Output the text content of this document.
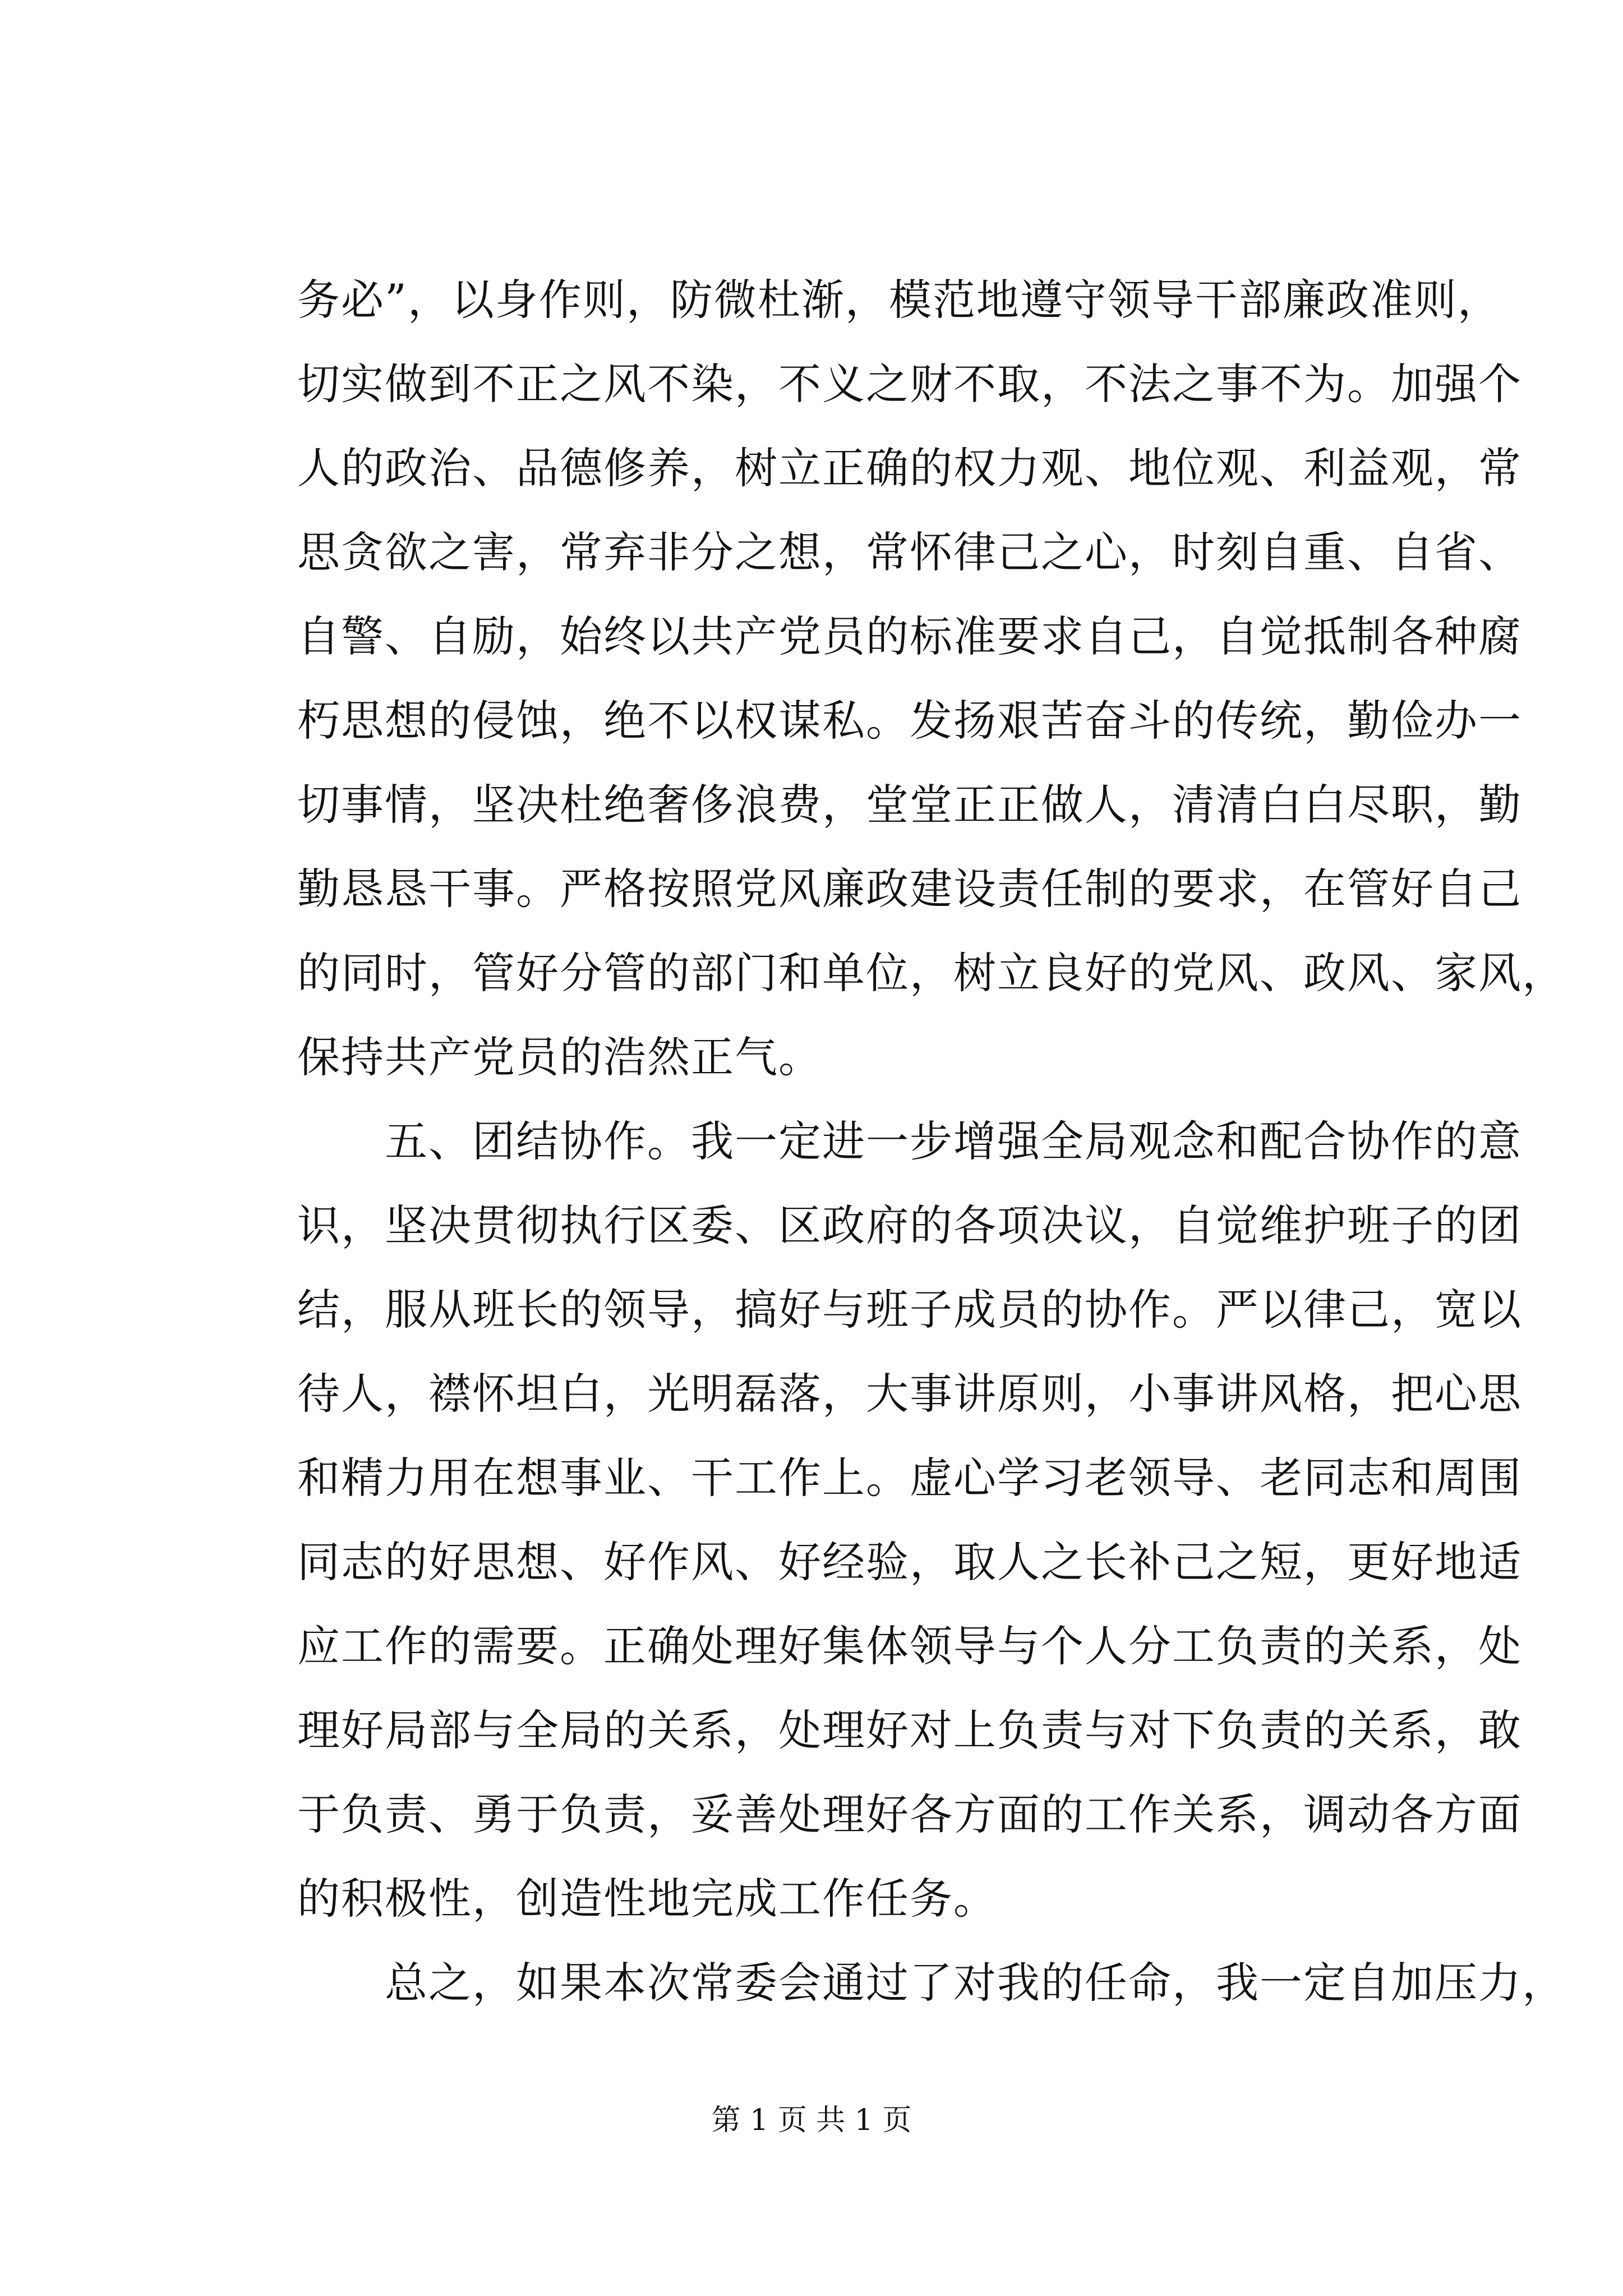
务必”，以身作则，防微杜渐，模范地遵守领导干部廉政准则，
切实做到不正之风不染，不义之财不取，不法之事不为。加强个
人的政治、品德修养，树立正确的权力观、地位观、利益观，常
思贪欲之害，常弃非分之想，常怀律己之心，时刻自重、自省、
自警、自励，始终以共产党员的标准要求自己，自觉抵制各种腐
朽思想的侵蚀，绝不以权谋私。发扬艰苦奋斗的传统，勤俭办一
切事情，坚决杜绝奢侈浪费，堂堂正正做人，清清白白尽职，勤
勤恳恳干事。严格按照党风廉政建设责任制的要求，在管好自己
的同时，管好分管的部门和单位，树立良好的党风、政风、家风，
保持共产党员的浩然正气。
　　五、团结协作。我一定进一步增强全局观念和配合协作的意
识，坚决贯彻执行区委、区政府的各项决议，自觉维护班子的团
结，服从班长的领导，搞好与班子成员的协作。严以律己，宽以
待人，襟怀坦白，光明磊落，大事讲原则，小事讲风格，把心思
和精力用在想事业、干工作上。虚心学习老领导、老同志和周围
同志的好思想、好作风、好经验，取人之长补己之短，更好地适
应工作的需要。正确处理好集体领导与个人分工负责的关系，处
理好局部与全局的关系，处理好对上负责与对下负责的关系，敢
于负责、勇于负责，妥善处理好各方面的工作关系，调动各方面
的积极性，创造性地完成工作任务。
　　总之，如果本次常委会通过了对我的任命，我一定自加压力，
第 1 页 共 1 页
